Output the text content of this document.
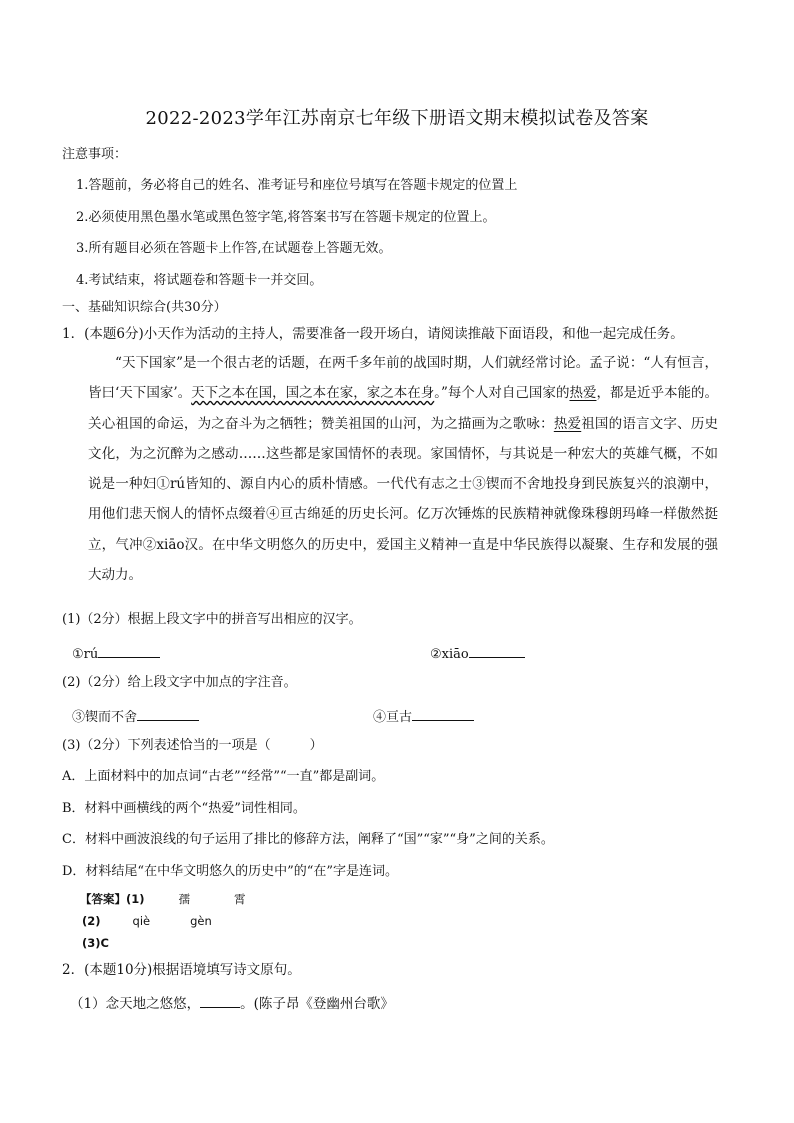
2022-2023学年江苏南京七年级下册语文期末模拟试卷及答案
注意事项：
1.答题前，务必将自己的姓名、准考证号和座位号填写在答题卡规定的位置上
2.必须使用黑色墨水笔或黑色签字笔,将答案书写在答题卡规定的位置上。
3.所有题目必须在答题卡上作答,在试题卷上答题无效。
4.考试结束，将试题卷和答题卡一并交回。
一、基础知识综合(共30分）
1．(本题6分)小天作为活动的主持人，需要准备一段开场白，请阅读推敲下面语段，和他一起完成任务。
“天下国家”是一个很古老的话题，在两千多年前的战国时期，人们就经常讨论。孟子说：“人有恒言，皆曰‘天下国家’。天下之本在国，国之本在家，家之本在身。”每个人对自己国家的热爱，都是近乎本能的。关心祖国的命运，为之奋斗为之牺牲；赞美祖国的山河，为之描画为之歌咏：热爱祖国的语言文字、历史文化，为之沉醉为之感动……这些都是家国情怀的表现。家国情怀，与其说是一种宏大的英雄气概，不如说是一种妇①rú皆知的、源自内心的质朴情感。一代代有志之士③锲而不舍地投身到民族复兴的浪潮中，用他们悲天悯人的情怀点缀着④亘古绵延的历史长河。亿万次锤炼的民族精神就像珠穆朗玛峰一样傲然挺立，气冲②xiāo汉。在中华文明悠久的历史中，爱国主义精神一直是中华民族得以凝聚、生存和发展的强大动力。
(1)（2分）根据上段文字中的拼音写出相应的汉字。
①rú	②xiāo
(2)（2分）给上段文字中加点的字注音。
③锲而不舍	④亘古
(3)（2分）下列表述恰当的一项是（　　　）
A．上面材料中的加点词“古老”“经常”“一直”都是副词。
B．材料中画横线的两个“热爱”词性相同。
C．材料中画波浪线的句子运用了排比的修辞方法，阐释了“国”“家”“身”之间的关系。
D．材料结尾“在中华文明悠久的历史中”的“在”字是连词。
【答案】(1)	孺	霄
(2)	qiè	gèn
(3)C
2．(本题10分)根据语境填写诗文原句。
（1）念天地之悠悠，	。(陈子昂《登幽州台歌》
